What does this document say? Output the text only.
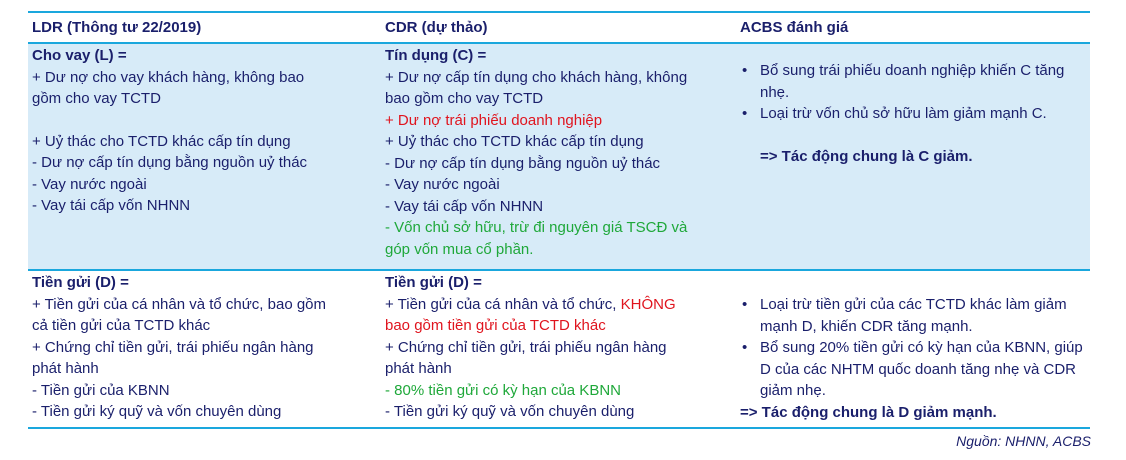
LDR (Thông tư 22/2019)	CDR (dự thảo)	ACBS đánh giá
Cho vay (L) =
+ Dư nợ cho vay khách hàng, không bao
gồm cho vay TCTD
+ Uỷ thác cho TCTD khác cấp tín dụng
- Dư nợ cấp tín dụng bằng nguồn uỷ thác
- Vay nước ngoài
- Vay tái cấp vốn NHNN
Tín dụng (C) =
+ Dư nợ cấp tín dụng cho khách hàng, không
bao gồm cho vay TCTD
+ Dư nợ trái phiếu doanh nghiệp
+ Uỷ thác cho TCTD khác cấp tín dụng
- Dư nợ cấp tín dụng bằng nguồn uỷ thác
- Vay nước ngoài
- Vay tái cấp vốn NHNN
- Vốn chủ sở hữu, trừ đi nguyên giá TSCĐ và
góp vốn mua cổ phần.
• Bổ sung trái phiếu doanh nghiệp khiến C tăng nhẹ.
• Loại trừ vốn chủ sở hữu làm giảm mạnh C.
=> Tác động chung là C giảm.
Tiền gửi (D) =
+ Tiền gửi của cá nhân và tổ chức, bao gồm
cả tiền gửi của TCTD khác
+ Chứng chỉ tiền gửi, trái phiếu ngân hàng
phát hành
- Tiền gửi của KBNN
- Tiền gửi ký quỹ và vốn chuyên dùng
Tiền gửi (D) =
+ Tiền gửi của cá nhân và tổ chức, KHÔNG
bao gồm tiền gửi của TCTD khác
+ Chứng chỉ tiền gửi, trái phiếu ngân hàng
phát hành
- 80% tiền gửi có kỳ hạn của KBNN
- Tiền gửi ký quỹ và vốn chuyên dùng
• Loại trừ tiền gửi của các TCTD khác làm giảm mạnh D, khiến CDR tăng mạnh.
• Bổ sung 20% tiền gửi có kỳ hạn của KBNN, giúp D của các NHTM quốc doanh tăng nhẹ và CDR giảm nhẹ.
=> Tác động chung là D giảm mạnh.
Nguồn: NHNN, ACBS
